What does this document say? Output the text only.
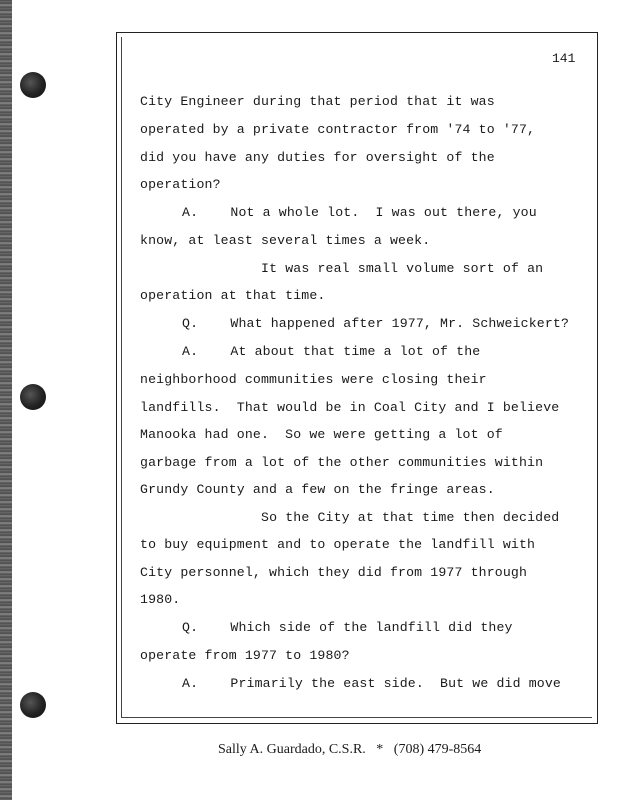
141
City Engineer during that period that it was
operated by a private contractor from '74 to '77,
did you have any duties for oversight of the
operation?
A.    Not a whole lot.  I was out there, you
know, at least several times a week.
It was real small volume sort of an
operation at that time.
Q.    What happened after 1977, Mr. Schweickert?
A.    At about that time a lot of the
neighborhood communities were closing their
landfills.  That would be in Coal City and I believe
Manooka had one.  So we were getting a lot of
garbage from a lot of the other communities within
Grundy County and a few on the fringe areas.
So the City at that time then decided
to buy equipment and to operate the landfill with
City personnel, which they did from 1977 through
1980.
Q.    Which side of the landfill did they
operate from 1977 to 1980?
A.    Primarily the east side.  But we did move
Sally A. Guardado, C.S.R. * (708) 479-8564
